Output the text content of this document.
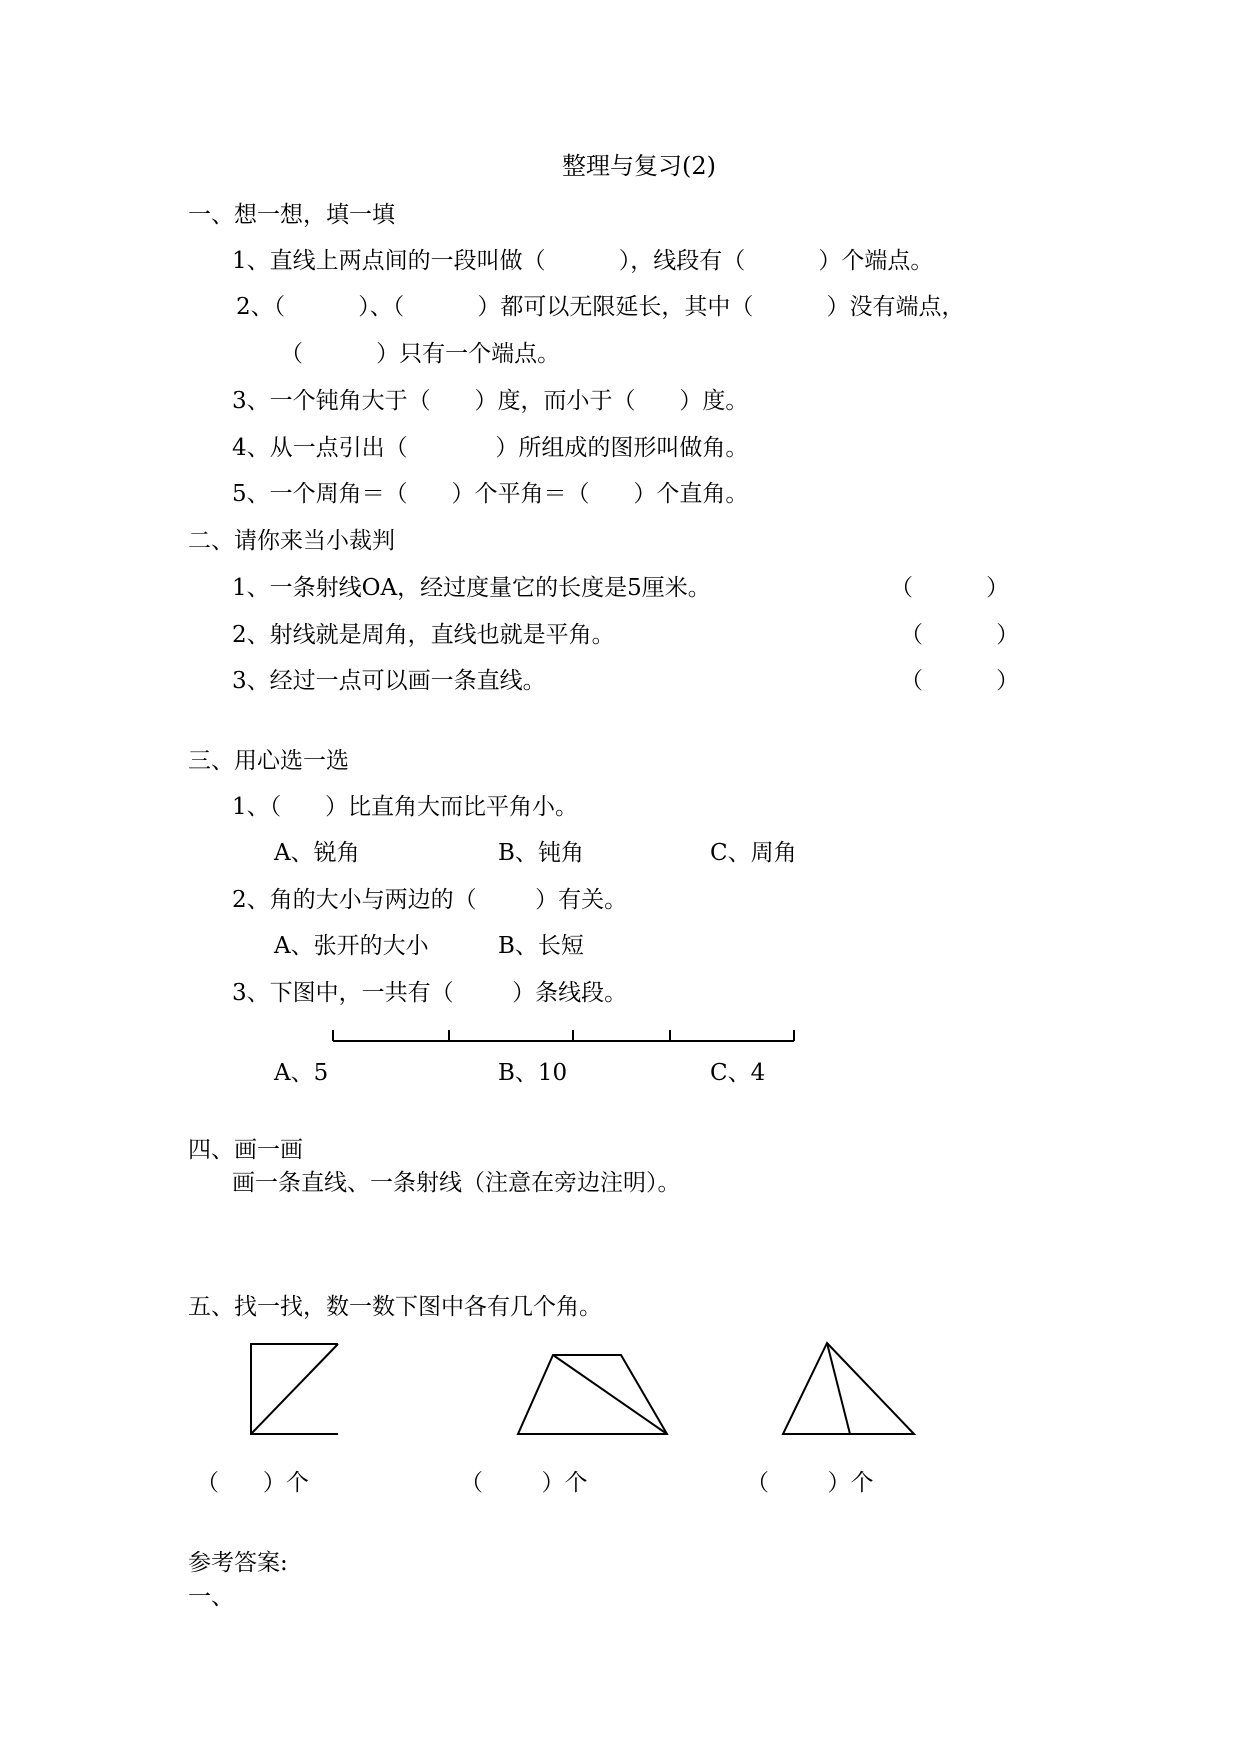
整理与复习(2)
一、想一想，填一填
1、直线上两点间的一段叫做（          ），线段有（          ）个端点。
2、（          ）、（          ）都可以无限延长，其中（          ）没有端点，
（          ）只有一个端点。
3、一个钝角大于（      ）度，而小于（      ）度。
4、从一点引出（            ）所组成的图形叫做角。
5、一个周角＝（      ）个平角＝（      ）个直角。
二、请你来当小裁判
1、一条射线OA，经过度量它的长度是5厘米。	（          ）
2、射线就是周角，直线也就是平角。	（          ）
3、经过一点可以画一条直线。	（          ）
三、用心选一选
1、（      ）比直角大而比平角小。
A、锐角	B、钝角	C、周角
2、角的大小与两边的（        ）有关。
A、张开的大小	B、长短
3、下图中，一共有（        ）条线段。
A、5	B、10	C、4
四、画一画
画一条直线、一条射线（注意在旁边注明）。
五、找一找，数一数下图中各有几个角。
（      ）个	（        ）个	（        ）个
参考答案:
一、
